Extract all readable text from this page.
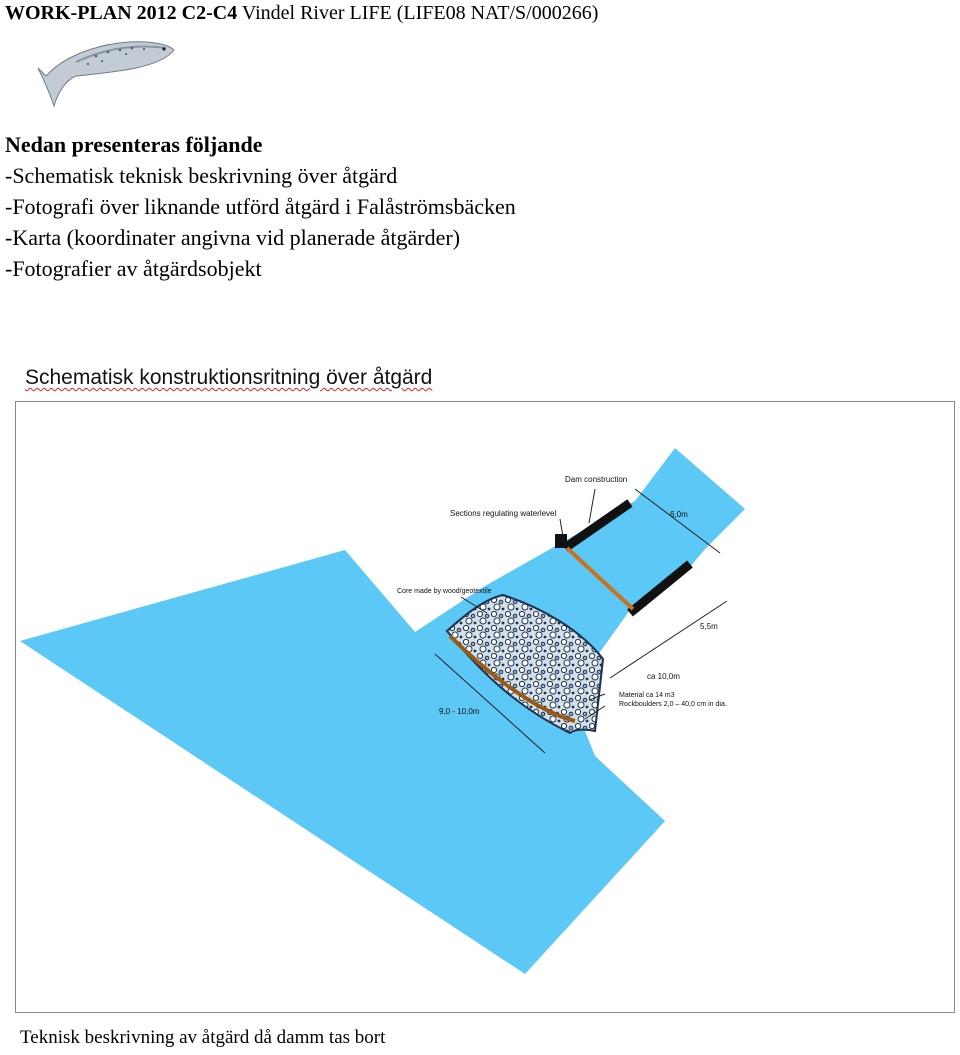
WORK-PLAN 2012 C2-C4 Vindel River LIFE (LIFE08 NAT/S/000266)
Nedan presenteras följande
-Schematisk teknisk beskrivning över åtgärd
-Fotografi över liknande utförd åtgärd i Falåströmsbäcken
-Karta (koordinater angivna vid planerade åtgärder)
-Fotografier av åtgärdsobjekt
Schematisk konstruktionsritning över åtgärd
Dam construction
Sections regulating waterlevel	6,0m
Core made by wood/geotextile
5,5m
ca 10,0m
Material ca 14 m3
Rockboulders 2,0 – 40,0 cm in dia.
9,0 - 10,0m
Teknisk beskrivning av åtgärd då damm tas bort
